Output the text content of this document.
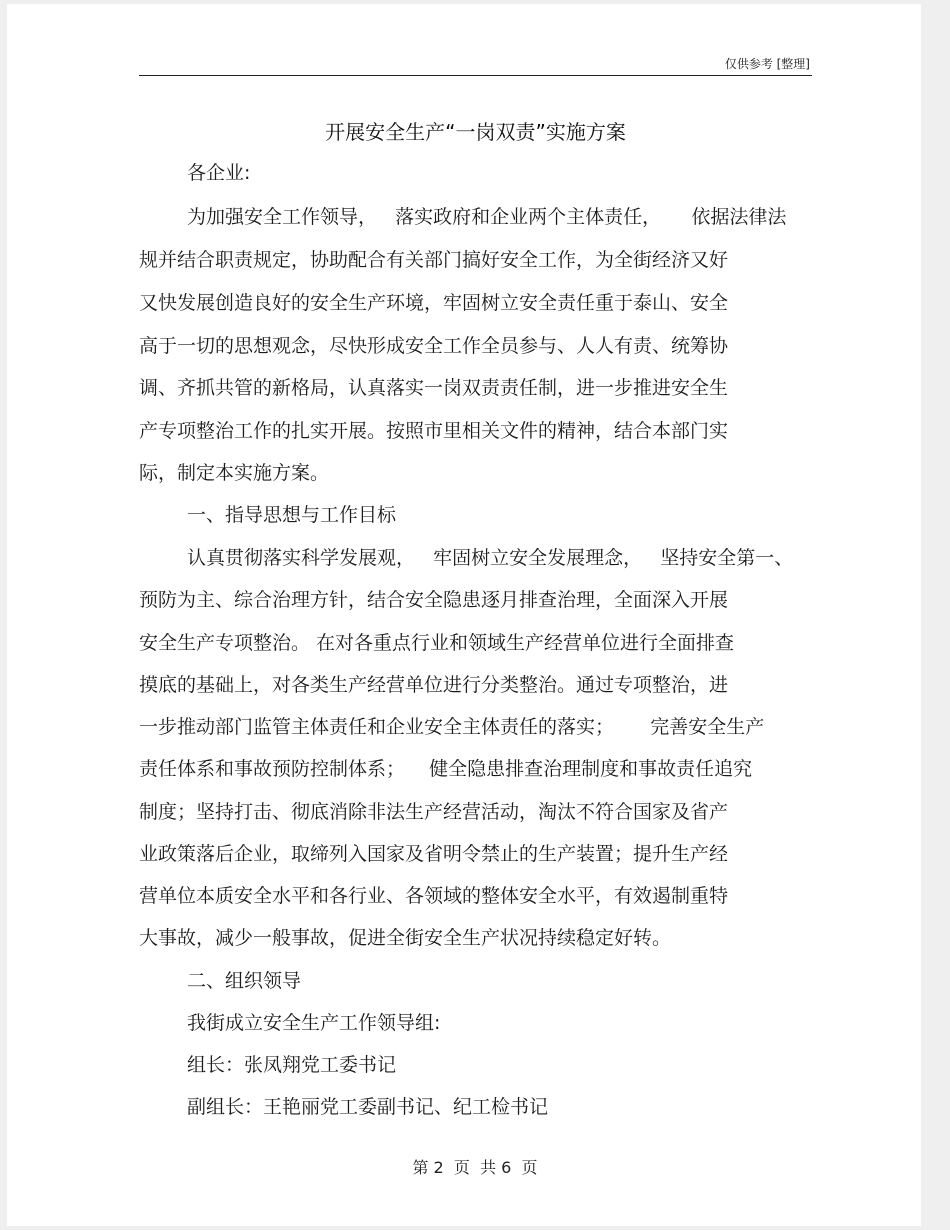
仅供参考 [整理]
开展安全生产“一岗双责”实施方案
各企业:
为加强安全工作领导，   落实政府和企业两个主体责任，     依据法律法
规并结合职责规定，协助配合有关部门搞好安全工作，为全街经济又好
又快发展创造良好的安全生产环境，牢固树立安全责任重于泰山、安全
高于一切的思想观念，尽快形成安全工作全员参与、人人有责、统筹协
调、齐抓共管的新格局，认真落实一岗双责责任制，进一步推进安全生
产专项整治工作的扎实开展。按照市里相关文件的精神，结合本部门实
际，制定本实施方案。
一、指导思想与工作目标
认真贯彻落实科学发展观，   牢固树立安全发展理念，   坚持安全第一、
预防为主、综合治理方针，结合安全隐患逐月排查治理，全面深入开展
安全生产专项整治。 在对各重点行业和领域生产经营单位进行全面排查
摸底的基础上，对各类生产经营单位进行分类整治。通过专项整治，进
一步推动部门监管主体责任和企业安全主体责任的落实；      完善安全生产
责任体系和事故预防控制体系；    健全隐患排查治理制度和事故责任追究
制度；坚持打击、彻底消除非法生产经营活动，淘汰不符合国家及省产
业政策落后企业，取缔列入国家及省明令禁止的生产装置；提升生产经
营单位本质安全水平和各行业、各领域的整体安全水平，有效遏制重特
大事故，减少一般事故，促进全街安全生产状况持续稳定好转。
二、组织领导
我街成立安全生产工作领导组:
组长：张凤翔党工委书记
副组长：王艳丽党工委副书记、纪工检书记
第 2  页  共 6  页
